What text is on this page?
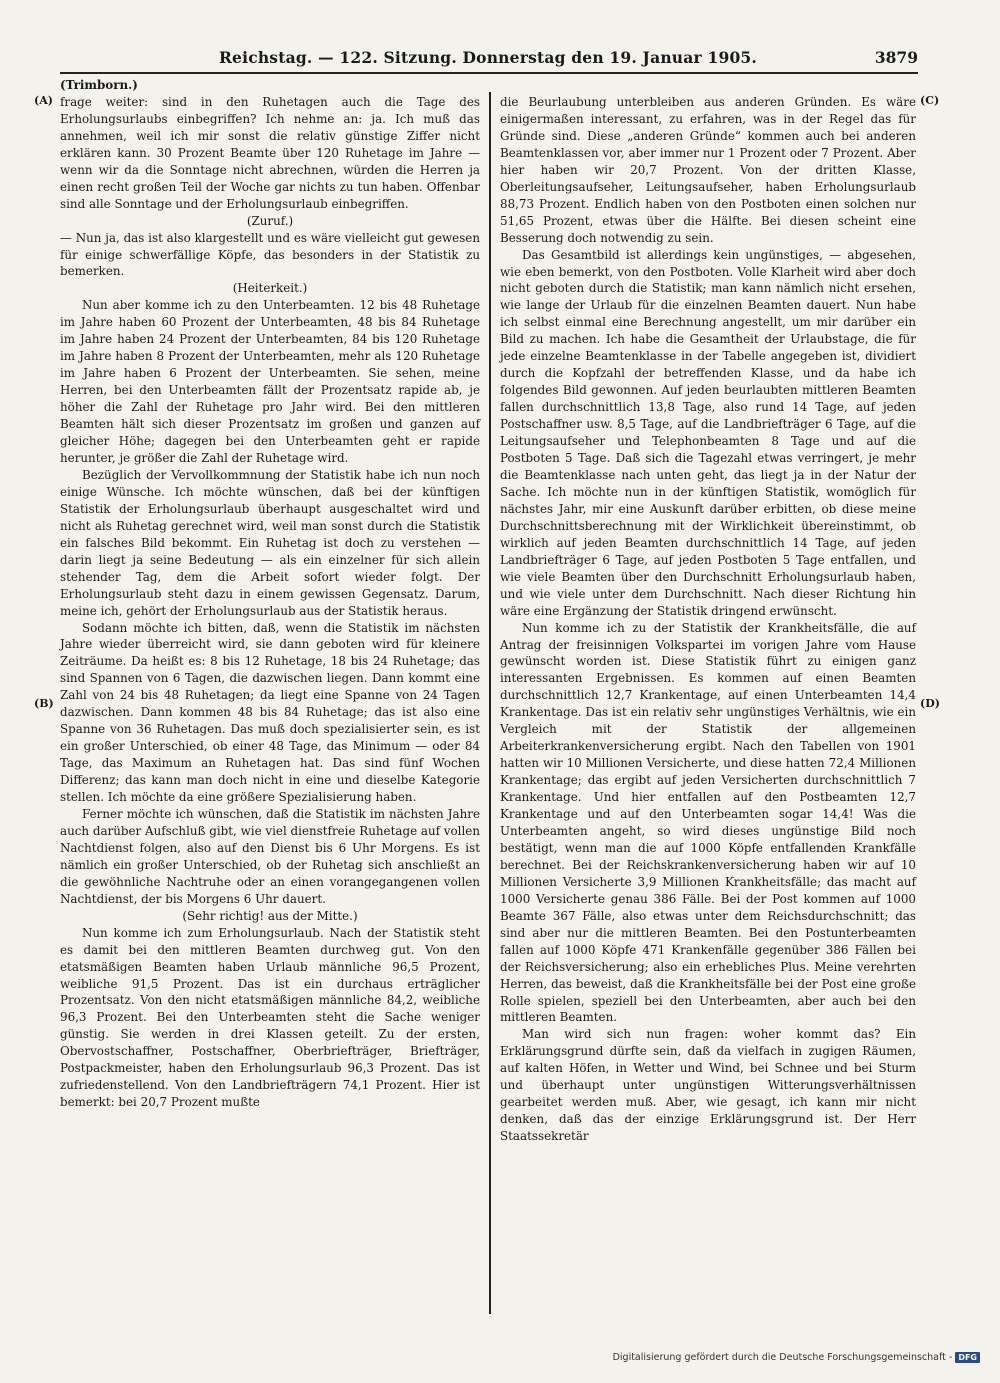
Reichstag. — 122. Sitzung. Donnerstag den 19. Januar 1905.	3879
(A)
(B)
(C)
(D)

(Trimborn.)

frage weiter: sind in den Ruhetagen auch die Tage des Erholungsurlaubs einbegriffen? Ich nehme an: ja. Ich muß das annehmen, weil ich mir sonst die relativ günstige Ziffer nicht erklären kann. 30 Prozent Beamte über 120 Ruhetage im Jahre — wenn wir da die Sonntage nicht abrechnen, würden die Herren ja einen recht großen Teil der Woche gar nichts zu tun haben. Offenbar sind alle Sonntage und der Erholungsurlaub einbegriffen.

(Zuruf.)

— Nun ja, das ist also klargestellt und es wäre vielleicht gut gewesen für einige schwerfällige Köpfe, das besonders in der Statistik zu bemerken.

(Heiterkeit.)

Nun aber komme ich zu den Unterbeamten. 12 bis 48 Ruhetage im Jahre haben 60 Prozent der Unterbeamten, 48 bis 84 Ruhetage im Jahre haben 24 Prozent der Unterbeamten, 84 bis 120 Ruhetage im Jahre haben 8 Prozent der Unterbeamten, mehr als 120 Ruhetage im Jahre haben 6 Prozent der Unterbeamten. Sie sehen, meine Herren, bei den Unterbeamten fällt der Prozentsatz rapide ab, je höher die Zahl der Ruhetage pro Jahr wird. Bei den mittleren Beamten hält sich dieser Prozentsatz im großen und ganzen auf gleicher Höhe; dagegen bei den Unterbeamten geht er rapide herunter, je größer die Zahl der Ruhetage wird.

Bezüglich der Vervollkommnung der Statistik habe ich nun noch einige Wünsche. Ich möchte wünschen, daß bei der künftigen Statistik der Erholungsurlaub überhaupt ausgeschaltet wird und nicht als Ruhetag gerechnet wird, weil man sonst durch die Statistik ein falsches Bild bekommt. Ein Ruhetag ist doch zu verstehen — darin liegt ja seine Bedeutung — als ein einzelner für sich allein stehender Tag, dem die Arbeit sofort wieder folgt. Der Erholungsurlaub steht dazu in einem gewissen Gegensatz. Darum, meine ich, gehört der Erholungsurlaub aus der Statistik heraus.

Sodann möchte ich bitten, daß, wenn die Statistik im nächsten Jahre wieder überreicht wird, sie dann geboten wird für kleinere Zeiträume. Da heißt es: 8 bis 12 Ruhetage, 18 bis 24 Ruhetage; das sind Spannen von 6 Tagen, die dazwischen liegen. Dann kommt eine Zahl von 24 bis 48 Ruhetagen; da liegt eine Spanne von 24 Tagen dazwischen. Dann kommen 48 bis 84 Ruhetage; das ist also eine Spanne von 36 Ruhetagen. Das muß doch spezialisierter sein, es ist ein großer Unterschied, ob einer 48 Tage, das Minimum — oder 84 Tage, das Maximum an Ruhetagen hat. Das sind fünf Wochen Differenz; das kann man doch nicht in eine und dieselbe Kategorie stellen. Ich möchte da eine größere Spezialisierung haben.

Ferner möchte ich wünschen, daß die Statistik im nächsten Jahre auch darüber Aufschluß gibt, wie viel dienstfreie Ruhetage auf vollen Nachtdienst folgen, also auf den Dienst bis 6 Uhr Morgens. Es ist nämlich ein großer Unterschied, ob der Ruhetag sich anschließt an die gewöhnliche Nachtruhe oder an einen vorangegangenen vollen Nachtdienst, der bis Morgens 6 Uhr dauert.

(Sehr richtig! aus der Mitte.)

Nun komme ich zum Erholungsurlaub. Nach der Statistik steht es damit bei den mittleren Beamten durchweg gut. Von den etatsmäßigen Beamten haben Urlaub männliche 96,5 Prozent, weibliche 91,5 Prozent. Das ist ein durchaus erträglicher Prozentsatz. Von den nicht etatsmäßigen männliche 84,2, weibliche 96,3 Prozent. Bei den Unterbeamten steht die Sache weniger günstig. Sie werden in drei Klassen geteilt. Zu der ersten, Obervostschaffner, Postschaffner, Oberbriefträger, Briefträger, Postpackmeister, haben den Erholungsurlaub 96,3 Prozent. Das ist zufriedenstellend. Von den Landbriefträgern 74,1 Prozent. Hier ist bemerkt: bei 20,7 Prozent mußte

die Beurlaubung unterbleiben aus anderen Gründen. Es wäre einigermaßen interessant, zu erfahren, was in der Regel das für Gründe sind. Diese „anderen Gründe“ kommen auch bei anderen Beamtenklassen vor, aber immer nur 1 Prozent oder 7 Prozent. Aber hier haben wir 20,7 Prozent. Von der dritten Klasse, Oberleitungsaufseher, Leitungsaufseher, haben Erholungsurlaub 88,73 Prozent. Endlich haben von den Postboten einen solchen nur 51,65 Prozent, etwas über die Hälfte. Bei diesen scheint eine Besserung doch notwendig zu sein.

Das Gesamtbild ist allerdings kein ungünstiges, — abgesehen, wie eben bemerkt, von den Postboten. Volle Klarheit wird aber doch nicht geboten durch die Statistik; man kann nämlich nicht ersehen, wie lange der Urlaub für die einzelnen Beamten dauert. Nun habe ich selbst einmal eine Berechnung angestellt, um mir darüber ein Bild zu machen. Ich habe die Gesamtheit der Urlaubstage, die für jede einzelne Beamtenklasse in der Tabelle angegeben ist, dividiert durch die Kopfzahl der betreffenden Klasse, und da habe ich folgendes Bild gewonnen. Auf jeden beurlaubten mittleren Beamten fallen durchschnittlich 13,8 Tage, also rund 14 Tage, auf jeden Postschaffner usw. 8,5 Tage, auf die Landbriefträger 6 Tage, auf die Leitungsaufseher und Telephonbeamten 8 Tage und auf die Postboten 5 Tage. Daß sich die Tagezahl etwas verringert, je mehr die Beamtenklasse nach unten geht, das liegt ja in der Natur der Sache. Ich möchte nun in der künftigen Statistik, womöglich für nächstes Jahr, mir eine Auskunft darüber erbitten, ob diese meine Durchschnittsberechnung mit der Wirklichkeit übereinstimmt, ob wirklich auf jeden Beamten durchschnittlich 14 Tage, auf jeden Landbriefträger 6 Tage, auf jeden Postboten 5 Tage entfallen, und wie viele Beamten über den Durchschnitt Erholungsurlaub haben, und wie viele unter dem Durchschnitt. Nach dieser Richtung hin wäre eine Ergänzung der Statistik dringend erwünscht.

Nun komme ich zu der Statistik der Krankheitsfälle, die auf Antrag der freisinnigen Volkspartei im vorigen Jahre vom Hause gewünscht worden ist. Diese Statistik führt zu einigen ganz interessanten Ergebnissen. Es kommen auf einen Beamten durchschnittlich 12,7 Krankentage, auf einen Unterbeamten 14,4 Krankentage. Das ist ein relativ sehr ungünstiges Verhältnis, wie ein Vergleich mit der Statistik der allgemeinen Arbeiterkrankenversicherung ergibt. Nach den Tabellen von 1901 hatten wir 10 Millionen Versicherte, und diese hatten 72,4 Millionen Krankentage; das ergibt auf jeden Versicherten durchschnittlich 7 Krankentage. Und hier entfallen auf den Postbeamten 12,7 Krankentage und auf den Unterbeamten sogar 14,4! Was die Unterbeamten angeht, so wird dieses ungünstige Bild noch bestätigt, wenn man die auf 1000 Köpfe entfallenden Krankfälle berechnet. Bei der Reichskrankenversicherung haben wir auf 10 Millionen Versicherte 3,9 Millionen Krankheitsfälle; das macht auf 1000 Versicherte genau 386 Fälle. Bei der Post kommen auf 1000 Beamte 367 Fälle, also etwas unter dem Reichsdurchschnitt; das sind aber nur die mittleren Beamten. Bei den Postunterbeamten fallen auf 1000 Köpfe 471 Krankenfälle gegenüber 386 Fällen bei der Reichsversicherung; also ein erhebliches Plus. Meine verehrten Herren, das beweist, daß die Krankheitsfälle bei der Post eine große Rolle spielen, speziell bei den Unterbeamten, aber auch bei den mittleren Beamten.

Man wird sich nun fragen: woher kommt das? Ein Erklärungsgrund dürfte sein, daß da vielfach in zugigen Räumen, auf kalten Höfen, in Wetter und Wind, bei Schnee und bei Sturm und überhaupt unter ungünstigen Witterungsverhältnissen gearbeitet werden muß. Aber, wie gesagt, ich kann mir nicht denken, daß das der einzige Erklärungsgrund ist. Der Herr Staatssekretär

Digitalisierung gefördert durch die Deutsche Forschungsgemeinschaft - DFG
